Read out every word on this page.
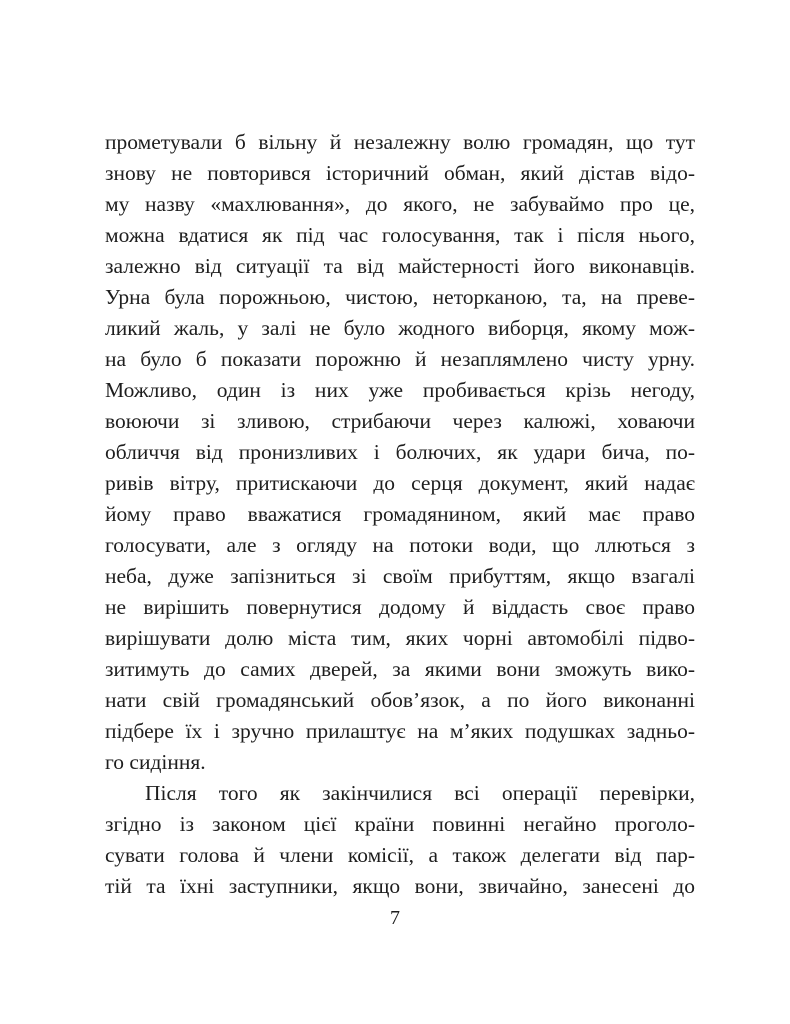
прометували б вільну й незалежну волю громадян, що тут
знову не повторився історичний обман, який дістав відо-
му назву «махлювання», до якого, не забуваймо про це,
можна вдатися як під час голосування, так і після нього,
залежно від ситуації та від майстерності його виконавців.
Урна була порожньою, чистою, неторканою, та, на преве-
ликий жаль, у залі не було жодного виборця, якому мож-
на було б показати порожню й незаплямлено чисту урну.
Можливо, один із них уже пробивається крізь негоду,
воюючи зі зливою, стрибаючи через калюжі, ховаючи
обличчя від пронизливих і болючих, як удари бича, по-
ривів вітру, притискаючи до серця документ, який надає
йому право вважатися громадянином, який має право
голосувати, але з огляду на потоки води, що ллються з
неба, дуже запізниться зі своїм прибуттям, якщо взагалі
не вирішить повернутися додому й віддасть своє право
вирішувати долю міста тим, яких чорні автомобілі підво-
зитимуть до самих дверей, за якими вони зможуть вико-
нати свій громадянський обов’язок, а по його виконанні
підбере їх і зручно прилаштує на м’яких подушках задньо-
го сидіння.
Після того як закінчилися всі операції перевірки,
згідно із законом цієї країни повинні негайно проголо-
сувати голова й члени комісії, а також делегати від пар-
тій та їхні заступники, якщо вони, звичайно, занесені до
7
